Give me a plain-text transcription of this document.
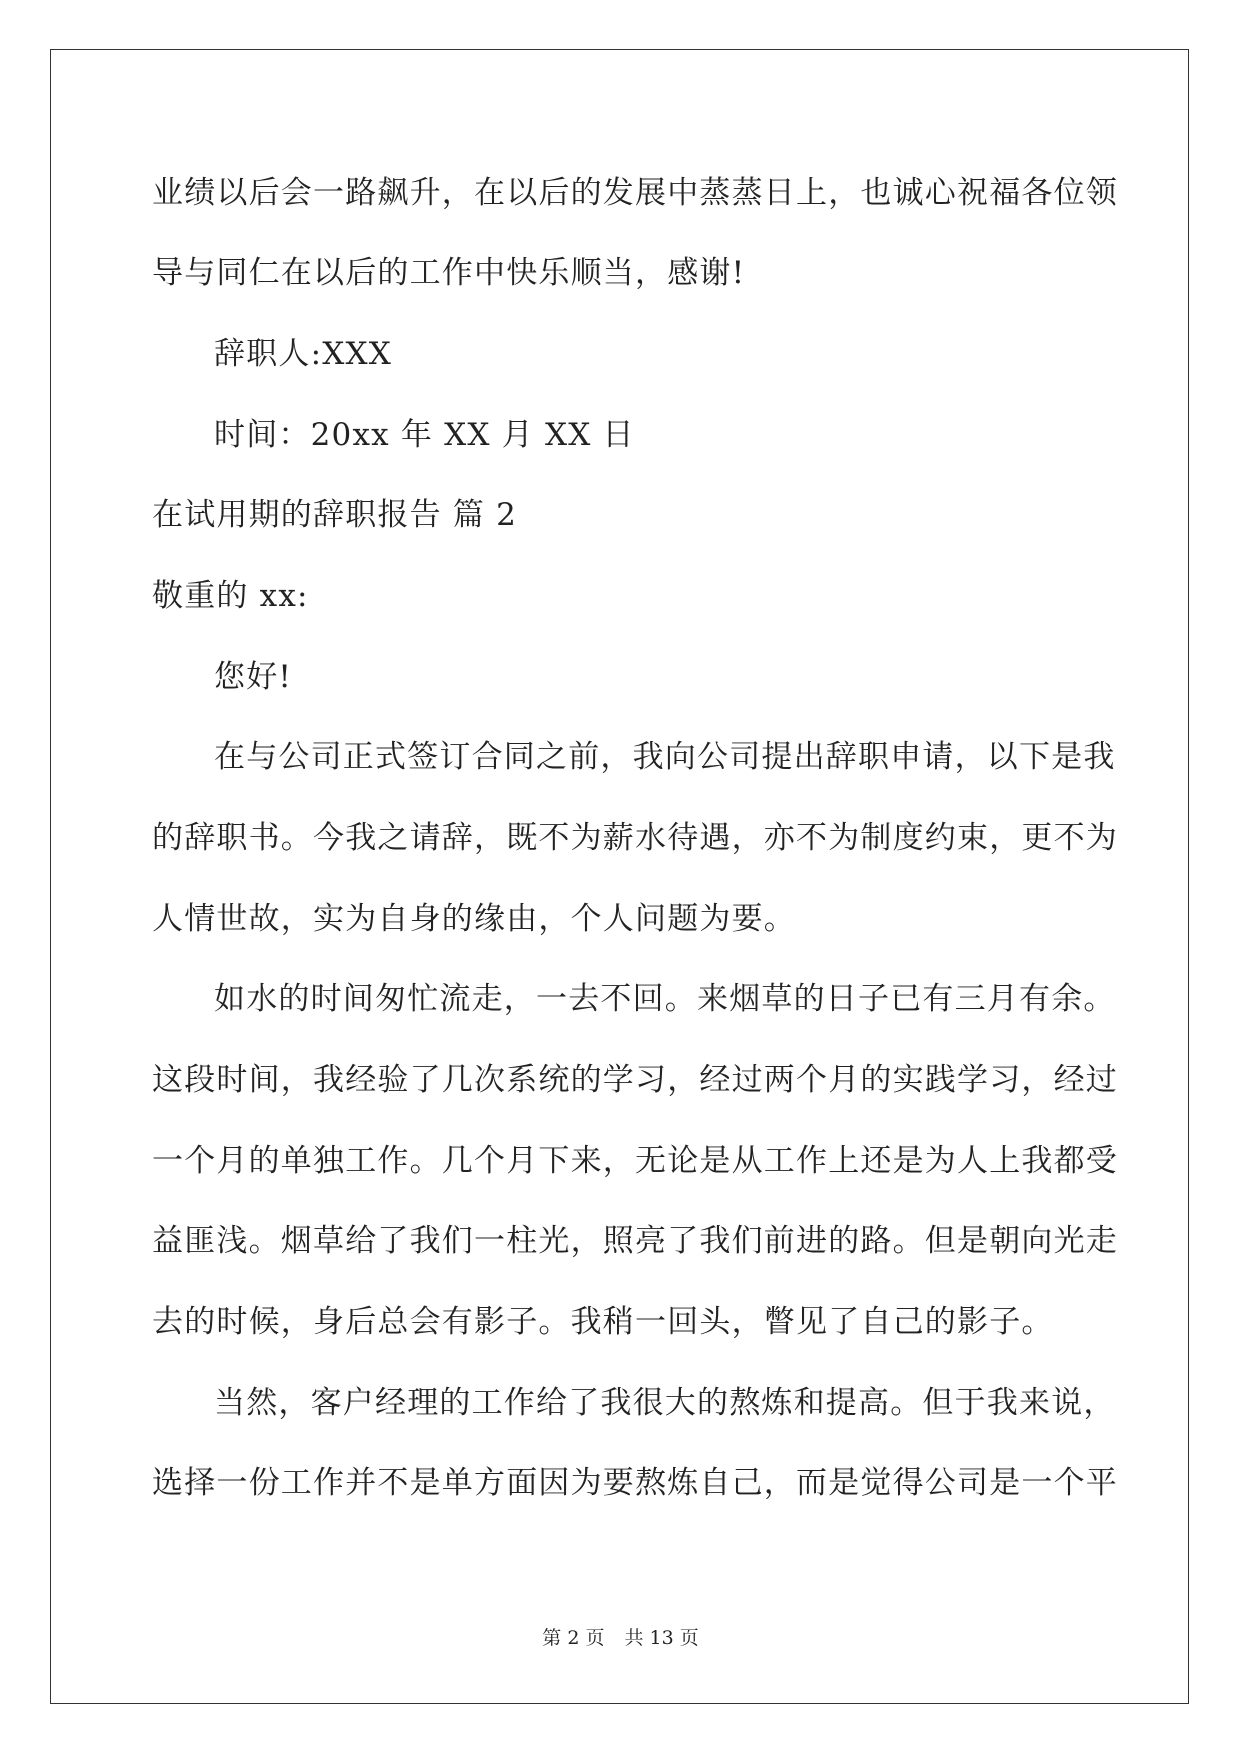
业绩以后会一路飙升，在以后的发展中蒸蒸日上，也诚心祝福各位领
导与同仁在以后的工作中快乐顺当，感谢!
辞职人:XXX
时间：20xx 年 XX 月 XX 日
在试用期的辞职报告 篇 2
敬重的 xx:
您好!
在与公司正式签订合同之前，我向公司提出辞职申请，以下是我
的辞职书。今我之请辞，既不为薪水待遇，亦不为制度约束，更不为
人情世故，实为自身的缘由，个人问题为要。
如水的时间匆忙流走，一去不回。来烟草的日子已有三月有余。
这段时间，我经验了几次系统的学习，经过两个月的实践学习，经过
一个月的单独工作。几个月下来，无论是从工作上还是为人上我都受
益匪浅。烟草给了我们一柱光，照亮了我们前进的路。但是朝向光走
去的时候，身后总会有影子。我稍一回头，瞥见了自己的影子。
当然，客户经理的工作给了我很大的熬炼和提高。但于我来说，
选择一份工作并不是单方面因为要熬炼自己，而是觉得公司是一个平
第 2 页 共 13 页
